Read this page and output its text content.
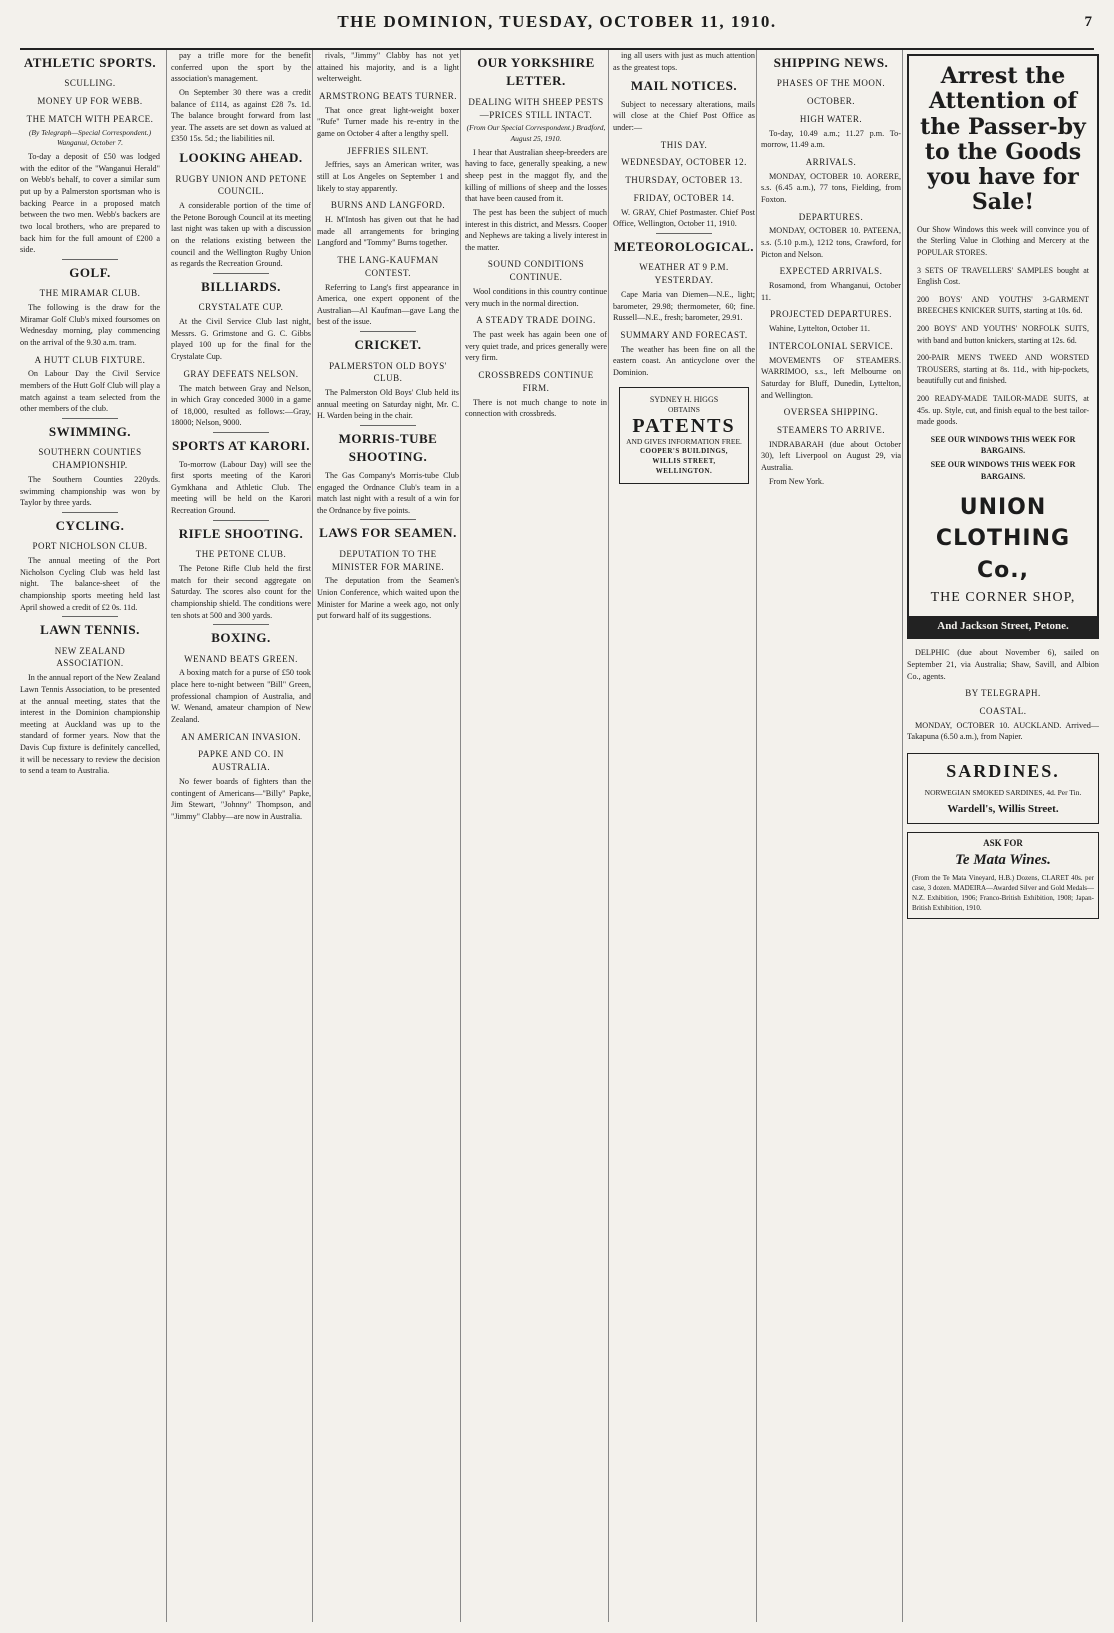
THE DOMINION, TUESDAY, OCTOBER 11, 1910.	7
ATHLETIC SPORTS.
SCULLING.
MONEY UP FOR WEBB.
THE MATCH WITH PEARCE.
(By Telegraph—Special Correspondent.) Wanganui, October 7.

To-day a deposit of £50 was lodged with the editor of the "Wanganui Herald" on Webb's behalf, to cover a similar sum put up by a Palmerston sportsman who is backing Pearce in a proposed match between the two men. Webb's backers are two local brothers, who are prepared to back him for the full amount of £200 a side.

GOLF.
THE MIRAMAR CLUB.

The following is the draw for the Miramar Golf Club's mixed foursomes on Wednesday morning, play commencing on the arrival of the 9.30 a.m. tram.

A HUTT CLUB FIXTURE.

On Labour Day the Civil Service members of the Hutt Golf Club will play a match against a team selected from the other members of the club.

SWIMMING.
SOUTHERN COUNTIES CHAMPIONSHIP.

The Southern Counties 220yds. swimming championship was won by Taylor by three yards.

CYCLING.
PORT NICHOLSON CLUB.

The annual meeting of the Port Nicholson Cycling Club was held last night. The balance-sheet of the championship sports meeting held last April showed a credit of £2 0s. 11d.

LAWN TENNIS.
NEW ZEALAND ASSOCIATION.

In the annual report of the New Zealand Lawn Tennis Association, to be presented at the annual meeting, states that the interest in the Dominion championship meeting at Auckland was up to the standard of former years. Now that the Davis Cup fixture is definitely cancelled, it will be necessary to review the decision to send a team to Australia.

pay a trifle more for the benefit conferred upon the sport by the association's management.

On September 30 there was a credit balance of £114, as against £28 7s. 1d. The balance brought forward from last year. The assets are set down as valued at £350 15s. 5d.; the liabilities nil.

LOOKING AHEAD.
RUGBY UNION AND PETONE COUNCIL.

A considerable portion of the time of the Petone Borough Council at its meeting last night was taken up with a discussion on the relations existing between the council and the Wellington Rugby Union as regards the Recreation Ground.

BILLIARDS.
CRYSTALATE CUP.

At the Civil Service Club last night, Messrs. G. Grimstone and G. C. Gibbs played 100 up for the final for the Crystalate Cup.

GRAY DEFEATS NELSON.

The match between Gray and Nelson, in which Gray conceded 3000 in a game of 18,000, resulted as follows:—Gray, 18000; Nelson, 9000.

SPORTS AT KARORI.

To-morrow (Labour Day) will see the first sports meeting of the Karori Gymkhana and Athletic Club. The meeting will be held on the Karori Recreation Ground.

RIFLE SHOOTING.
THE PETONE CLUB.

The Petone Rifle Club held the first match for their second aggregate on Saturday. The scores also count for the championship shield. The conditions were ten shots at 500 and 300 yards.

BOXING.
WENAND BEATS GREEN.

A boxing match for a purse of £50 took place here to-night between "Bill" Green, professional champion of Australia, and W. Wenand, amateur champion of New Zealand.

AN AMERICAN INVASION.
PAPKE AND CO. IN AUSTRALIA.

No fewer boards of fighters than the contingent of Americans—"Billy" Papke, Jim Stewart, "Johnny" Thompson, and "Jimmy" Clabby—are now in Australia.

rivals, "Jimmy" Clabby has not yet attained his majority, and is a light welterweight.

ARMSTRONG BEATS TURNER.

That once great light-weight boxer "Rufe" Turner made his re-entry in the game on October 4 after a lengthy spell.

JEFFRIES SILENT.

Jeffries, says an American writer, was still at Los Angeles on September 1 and likely to stay apparently.

BURNS AND LANGFORD.

H. M'Intosh has given out that he had made all arrangements for bringing Langford and "Tommy" Burns together.

THE LANG-KAUFMAN CONTEST.

Referring to Lang's first appearance in America, one expert opponent of the Australian—Al Kaufman—gave Lang the best of the issue.

CRICKET.
PALMERSTON OLD BOYS' CLUB.

The Palmerston Old Boys' Club held its annual meeting on Saturday night, Mr. C. H. Warden being in the chair.

MORRIS-TUBE SHOOTING.

The Gas Company's Morris-tube Club engaged the Ordnance Club's team in a match last night with a result of a win for the Ordnance by five points.

LAWS FOR SEAMEN.
DEPUTATION TO THE MINISTER FOR MARINE.

The deputation from the Seamen's Union Conference, which waited upon the Minister for Marine a week ago, not only put forward half of its suggestions.

OUR YORKSHIRE LETTER.
DEALING WITH SHEEP PESTS—PRICES STILL INTACT.
(From Our Special Correspondent.) Bradford, August 25, 1910.

I hear that Australian sheep-breeders are having to face, generally speaking, a new sheep pest in the maggot fly, and the killing of millions of sheep and the losses that have been caused from it.

The pest has been the subject of much interest in this district, and Messrs. Cooper and Nephews are taking a lively interest in the matter.

SOUND CONDITIONS CONTINUE.

Wool conditions in this country continue very much in the normal direction.

A STEADY TRADE DOING.

The past week has again been one of very quiet trade, and prices generally were very firm.

CROSSBREDS CONTINUE FIRM.

There is not much change to note in connection with crossbreds.

ing all users with just as much attention as the greatest tops.

MAIL NOTICES.

Subject to necessary alterations, mails will close at the Chief Post Office as under:—

THIS DAY.
WEDNESDAY, OCTOBER 12.
THURSDAY, OCTOBER 13.
FRIDAY, OCTOBER 14.

W. GRAY, Chief Postmaster. Chief Post Office, Wellington, October 11, 1910.

METEOROLOGICAL.
WEATHER AT 9 P.M. YESTERDAY.

Cape Maria van Diemen—N.E., light; barometer, 29.98; thermometer, 60; fine. Russell—N.E., fresh; barometer, 29.91.

SUMMARY AND FORECAST.

The weather has been fine on all the eastern coast. An anticyclone over the Dominion.

SYDNEY H. HIGGS
OBTAINS
PATENTS
AND GIVES INFORMATION FREE.
COOPER'S BUILDINGS,
WILLIS STREET, WELLINGTON.
SHIPPING NEWS.
PHASES OF THE MOON.
OCTOBER.
HIGH WATER.

To-day, 10.49 a.m.; 11.27 p.m. To-morrow, 11.49 a.m.

ARRIVALS.

MONDAY, OCTOBER 10. AORERE, s.s. (6.45 a.m.), 77 tons, Fielding, from Foxton.

DEPARTURES.

MONDAY, OCTOBER 10. PATEENA, s.s. (5.10 p.m.), 1212 tons, Crawford, for Picton and Nelson.

EXPECTED ARRIVALS.

Rosamond, from Whanganui, October 11.

PROJECTED DEPARTURES.

Wahine, Lyttelton, October 11.

INTERCOLONIAL SERVICE.

MOVEMENTS OF STEAMERS. WARRIMOO, s.s., left Melbourne on Saturday for Bluff, Dunedin, Lyttelton, and Wellington.

OVERSEA SHIPPING.
STEAMERS TO ARRIVE.

INDRABARAH (due about October 30), left Liverpool on August 29, via Australia.

From New York.

Arrest the Attention of the Passer-by to the Goods you have for Sale!

Our Show Windows this week will convince you of the Sterling Value in Clothing and Mercery at the POPULAR STORES.

3 SETS OF TRAVELLERS' SAMPLES bought at English Cost.

200 BOYS' AND YOUTHS' 3-GARMENT BREECHES KNICKER SUITS, starting at 10s. 6d.

200 BOYS' AND YOUTHS' NORFOLK SUITS, with band and button knickers, starting at 12s. 6d.

200-PAIR MEN'S TWEED AND WORSTED TROUSERS, starting at 8s. 11d., with hip-pockets, beautifully cut and finished.

200 READY-MADE TAILOR-MADE SUITS, at 45s. up. Style, cut, and finish equal to the best tailor-made goods.

SEE OUR WINDOWS THIS WEEK FOR BARGAINS.
SEE OUR WINDOWS THIS WEEK FOR BARGAINS.
UNION CLOTHING Co.,
THE CORNER SHOP,
And Jackson Street, Petone.

DELPHIC (due about November 6), sailed on September 21, via Australia; Shaw, Savill, and Albion Co., agents.

BY TELEGRAPH.
COASTAL.

MONDAY, OCTOBER 10. AUCKLAND. Arrived—Takapuna (6.50 a.m.), from Napier.

SARDINES.
NORWEGIAN SMOKED SARDINES, 4d. Per Tin.
Wardell's, Willis Street.
ASK FOR
Te Mata Wines.
(From the Te Mata Vineyard, H.B.) Dozens, CLARET 40s. per case, 3 dozen. MADEIRA—Awarded Silver and Gold Medals—N.Z. Exhibition, 1906; Franco-British Exhibition, 1908; Japan-British Exhibition, 1910.
